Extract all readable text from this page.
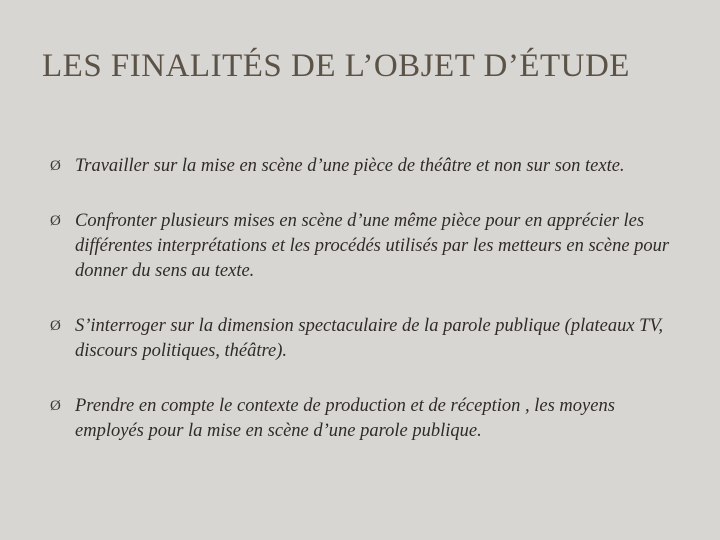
LES FINALITÉS DE L’OBJET D’ÉTUDE
Ø Travailler sur la mise en scène d’une pièce de théâtre et non sur son texte.
Ø Confronter plusieurs mises en scène d’une même pièce pour en apprécier les différentes interprétations et les procédés utilisés par les metteurs en scène pour donner du sens au texte.
Ø S’interroger sur la dimension spectaculaire de la parole publique (plateaux TV, discours politiques, théâtre).
Ø Prendre en compte le contexte de production et de réception , les moyens employés pour la mise en scène d’une parole publique.
